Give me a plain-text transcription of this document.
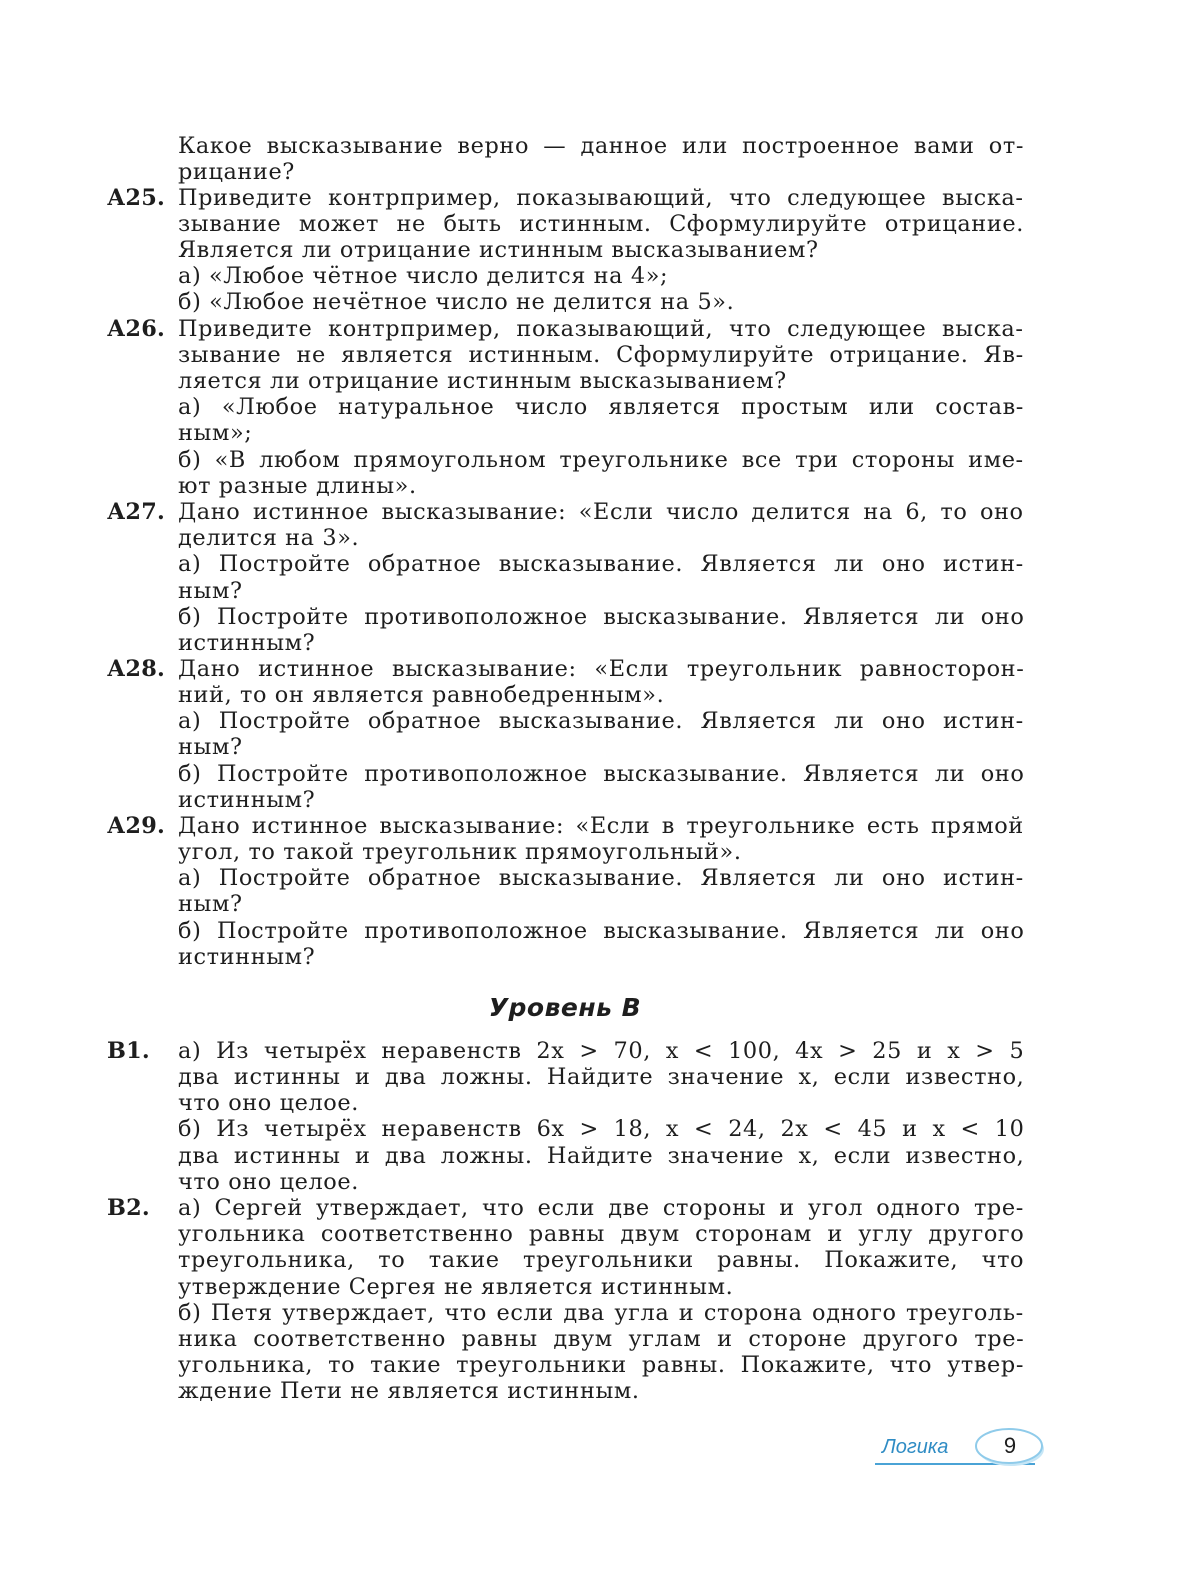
Какое высказывание верно — данное или построенное вами от-
рицание?
А25. Приведите контрпример, показывающий, что следующее выска-
зывание может не быть истинным. Сформулируйте отрицание.
Является ли отрицание истинным высказыванием?
а) «Любое чётное число делится на 4»;
б) «Любое нечётное число не делится на 5».
А26. Приведите контрпример, показывающий, что следующее выска-
зывание не является истинным. Сформулируйте отрицание. Яв-
ляется ли отрицание истинным высказыванием?
а) «Любое натуральное число является простым или состав-
ным»;
б) «В любом прямоугольном треугольнике все три стороны име-
ют разные длины».
А27. Дано истинное высказывание: «Если число делится на 6, то оно
делится на 3».
а) Постройте обратное высказывание. Является ли оно истин-
ным?
б) Постройте противоположное высказывание. Является ли оно
истинным?
А28. Дано истинное высказывание: «Если треугольник равносторон-
ний, то он является равнобедренным».
а) Постройте обратное высказывание. Является ли оно истин-
ным?
б) Постройте противоположное высказывание. Является ли оно
истинным?
А29. Дано истинное высказывание: «Если в треугольнике есть прямой
угол, то такой треугольник прямоугольный».
а) Постройте обратное высказывание. Является ли оно истин-
ным?
б) Постройте противоположное высказывание. Является ли оно
истинным?
Уровень B
B1. а) Из четырёх неравенств 2x > 70, x < 100, 4x > 25 и x > 5
два истинны и два ложны. Найдите значение x, если известно,
что оно целое.
б) Из четырёх неравенств 6x > 18, x < 24, 2x < 45 и x < 10
два истинны и два ложны. Найдите значение x, если известно,
что оно целое.
B2. а) Сергей утверждает, что если две стороны и угол одного тре-
угольника соответственно равны двум сторонам и углу другого
треугольника, то такие треугольники равны. Покажите, что
утверждение Сергея не является истинным.
б) Петя утверждает, что если два угла и сторона одного треуголь-
ника соответственно равны двум углам и стороне другого тре-
угольника, то такие треугольники равны. Покажите, что утвер-
ждение Пети не является истинным.
Логика	9
